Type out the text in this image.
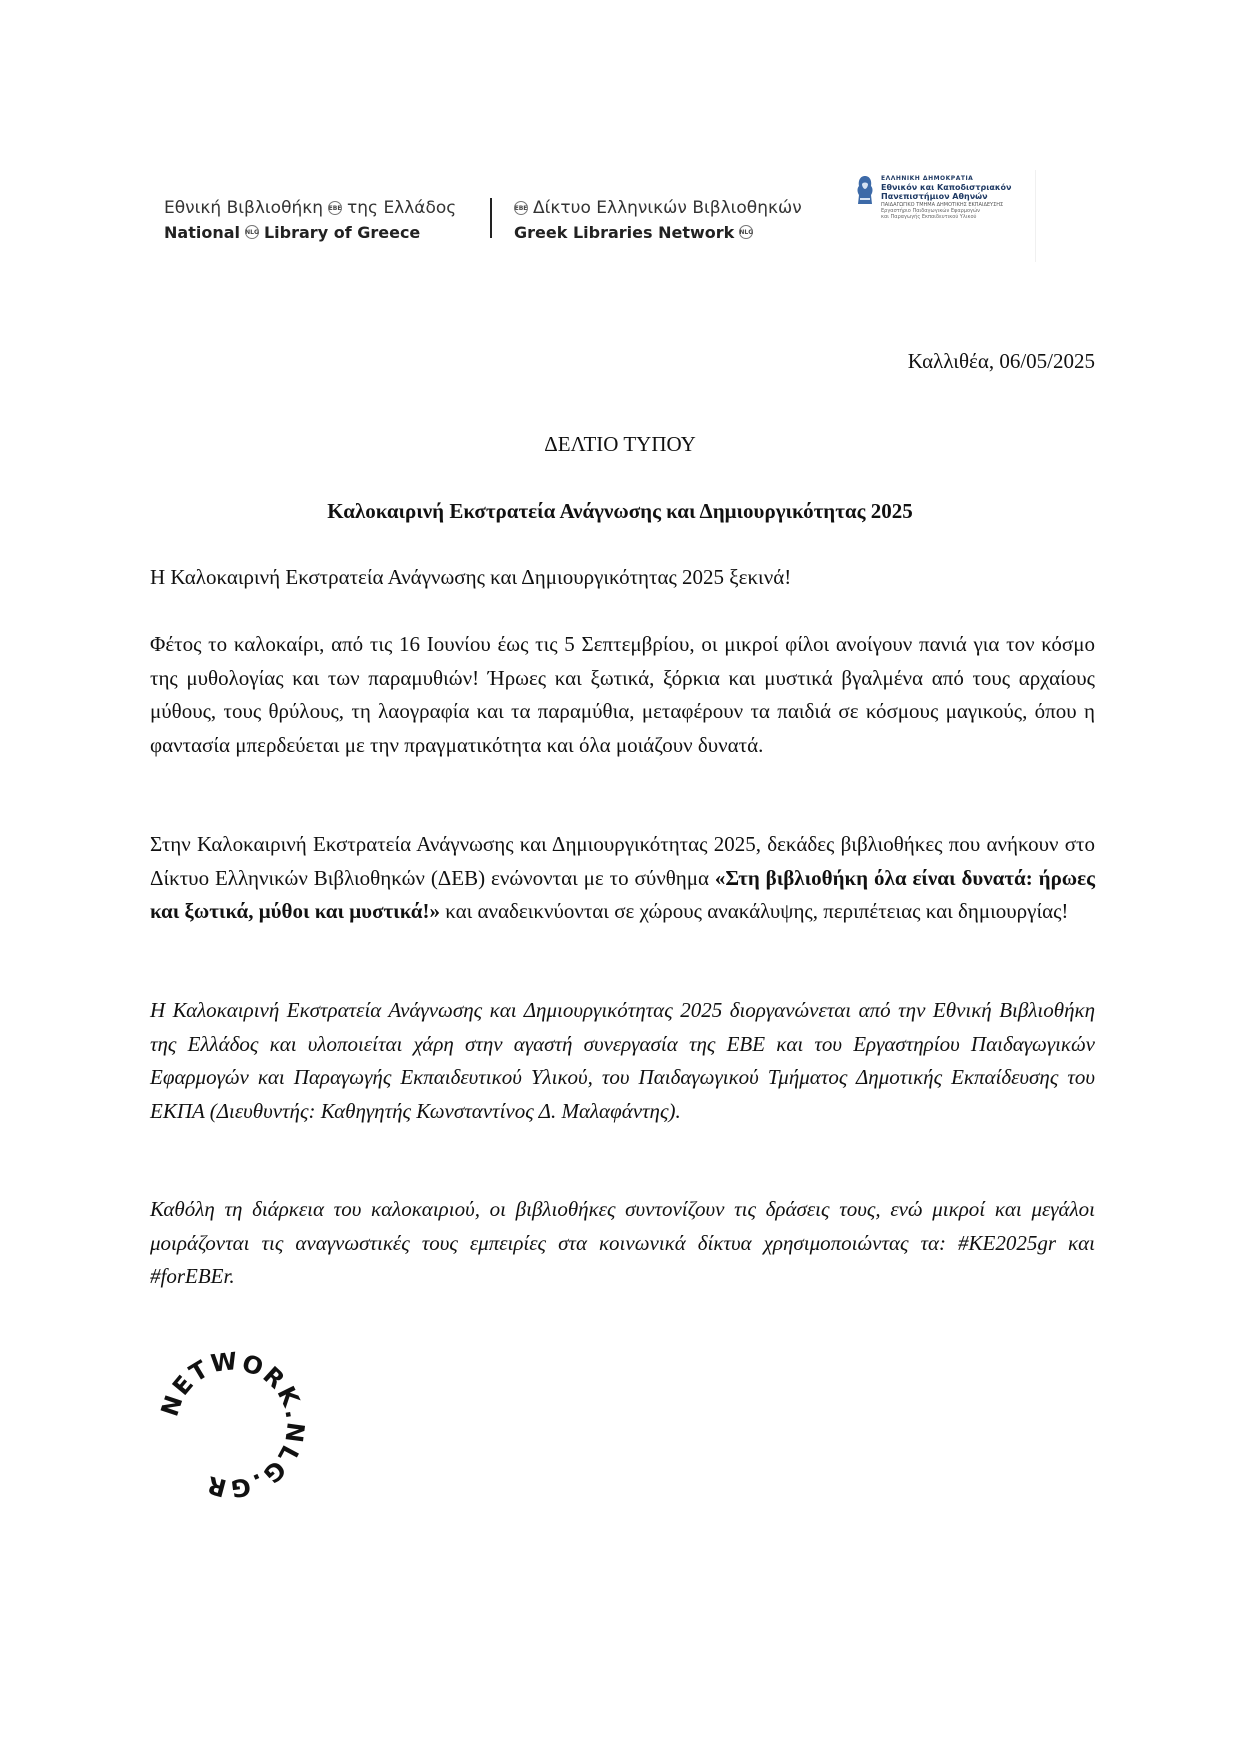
Εθνική Βιβλιοθήκη ΕΒΕ της Ελλάδος
National NLG Library of Greece
ΕΒΕ Δίκτυο Ελληνικών Βιβλιοθηκών
Greek Libraries Network NLG
ΕΛΛΗΝΙΚΗ ΔΗΜΟΚΡΑΤΙΑ
Εθνικόν και Καποδιστριακόν
Πανεπιστήμιον Αθηνών
ΠΑΙΔΑΓΩΓΙΚΟ ΤΜΗΜΑ ΔΗΜΟΤΙΚΗΣ ΕΚΠΑΙΔΕΥΣΗΣ
Εργαστήριο Παιδαγωγικών Εφαρμογών
και Παραγωγής Εκπαιδευτικού Υλικού
Καλλιθέα, 06/05/2025
ΔΕΛΤΙΟ ΤΥΠΟΥ
Καλοκαιρινή Εκστρατεία Ανάγνωσης και Δημιουργικότητας 2025

Η Καλοκαιρινή Εκστρατεία Ανάγνωσης και Δημιουργικότητας 2025 ξεκινά!

Φέτος το καλοκαίρι, από τις 16 Ιουνίου έως τις 5 Σεπτεμβρίου, οι μικροί φίλοι ανοίγουν πανιά για τον κόσμο της μυθολογίας και των παραμυθιών! Ήρωες και ξωτικά, ξόρκια και μυστικά βγαλμένα από τους αρχαίους μύθους, τους θρύλους, τη λαογραφία και τα παραμύθια, μεταφέρουν τα παιδιά σε κόσμους μαγικούς, όπου η φαντασία μπερδεύεται με την πραγματικότητα και όλα μοιάζουν δυνατά.

Στην Καλοκαιρινή Εκστρατεία Ανάγνωσης και Δημιουργικότητας 2025, δεκάδες βιβλιοθήκες που ανήκουν στο Δίκτυο Ελληνικών Βιβλιοθηκών (ΔΕΒ) ενώνονται με το σύνθημα «Στη βιβλιοθήκη όλα είναι δυνατά: ήρωες και ξωτικά, μύθοι και μυστικά!» και αναδεικνύονται σε χώρους ανακάλυψης, περιπέτειας και δημιουργίας!

Η Καλοκαιρινή Εκστρατεία Ανάγνωσης και Δημιουργικότητας 2025 διοργανώνεται από την Εθνική Βιβλιοθήκη της Ελλάδος και υλοποιείται χάρη στην αγαστή συνεργασία της ΕΒΕ και του Εργαστηρίου Παιδαγωγικών Εφαρμογών και Παραγωγής Εκπαιδευτικού Υλικού, του Παιδαγωγικού Τμήματος Δημοτικής Εκπαίδευσης του ΕΚΠΑ (Διευθυντής: Καθηγητής Κωνσταντίνος Δ. Μαλαφάντης).

Καθόλη τη διάρκεια του καλοκαιριού, οι βιβλιοθήκες συντονίζουν τις δράσεις τους, ενώ μικροί και μεγάλοι μοιράζονται τις αναγνωστικές τους εμπειρίες στα κοινωνικά δίκτυα χρησιμοποιώντας τα: #ΚΕ2025gr και #forEBEr.

NETWORK.NLG.GR
